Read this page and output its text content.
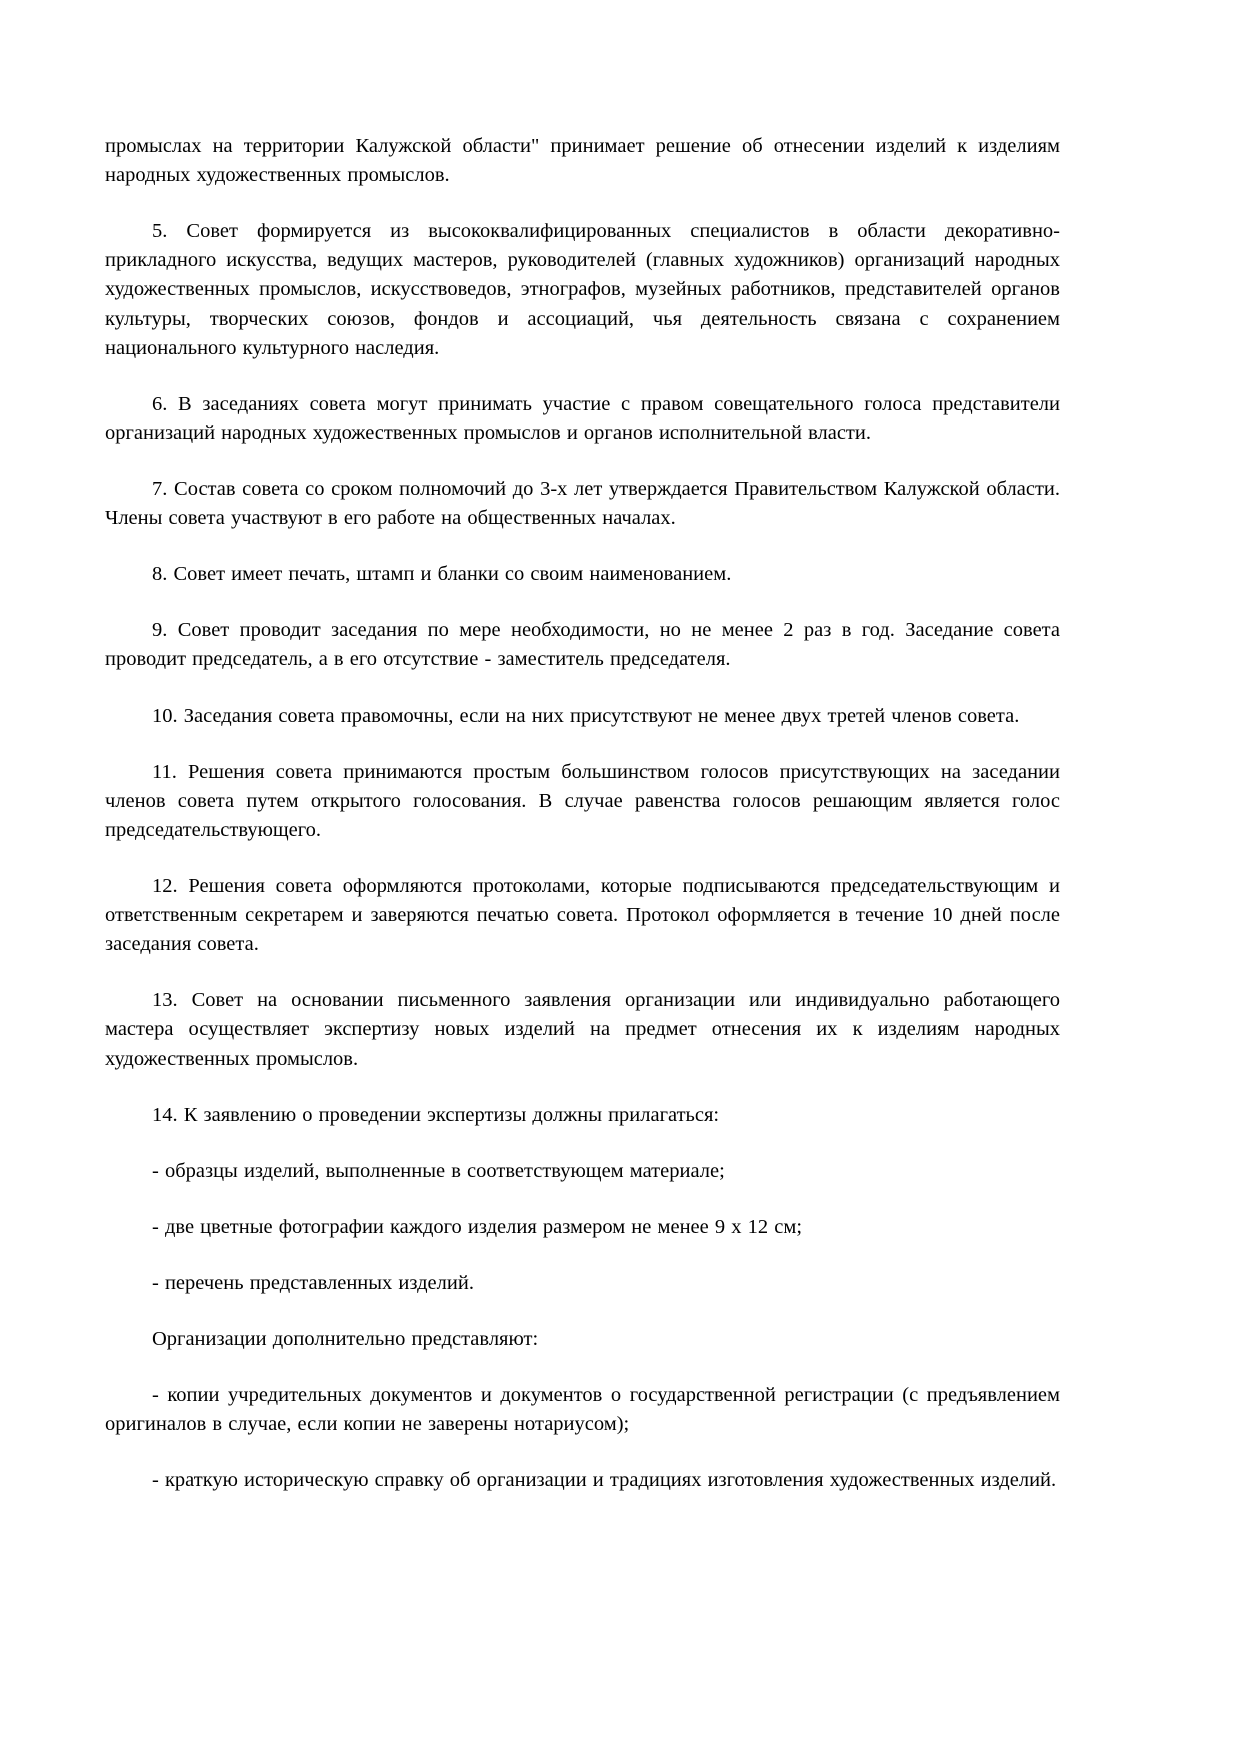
промыслах на территории Калужской области" принимает решение об отнесении изделий к изделиям народных художественных промыслов.

5. Совет формируется из высококвалифицированных специалистов в области декоративно-прикладного искусства, ведущих мастеров, руководителей (главных художников) организаций народных художественных промыслов, искусствоведов, этнографов, музейных работников, представителей органов культуры, творческих союзов, фондов и ассоциаций, чья деятельность связана с сохранением национального культурного наследия.

6. В заседаниях совета могут принимать участие с правом совещательного голоса представители организаций народных художественных промыслов и органов исполнительной власти.

7. Состав совета со сроком полномочий до 3-х лет утверждается Правительством Калужской области. Члены совета участвуют в его работе на общественных началах.

8. Совет имеет печать, штамп и бланки со своим наименованием.

9. Совет проводит заседания по мере необходимости, но не менее 2 раз в год. Заседание совета проводит председатель, а в его отсутствие - заместитель председателя.

10. Заседания совета правомочны, если на них присутствуют не менее двух третей членов совета.

11. Решения совета принимаются простым большинством голосов присутствующих на заседании членов совета путем открытого голосования. В случае равенства голосов решающим является голос председательствующего.

12. Решения совета оформляются протоколами, которые подписываются председательствующим и ответственным секретарем и заверяются печатью совета. Протокол оформляется в течение 10 дней после заседания совета.

13. Совет на основании письменного заявления организации или индивидуально работающего мастера осуществляет экспертизу новых изделий на предмет отнесения их к изделиям народных художественных промыслов.

14. К заявлению о проведении экспертизы должны прилагаться:

- образцы изделий, выполненные в соответствующем материале;

- две цветные фотографии каждого изделия размером не менее 9 х 12 см;

- перечень представленных изделий.

Организации дополнительно представляют:

- копии учредительных документов и документов о государственной регистрации (с предъявлением оригиналов в случае, если копии не заверены нотариусом);

- краткую историческую справку об организации и традициях изготовления художественных изделий.
